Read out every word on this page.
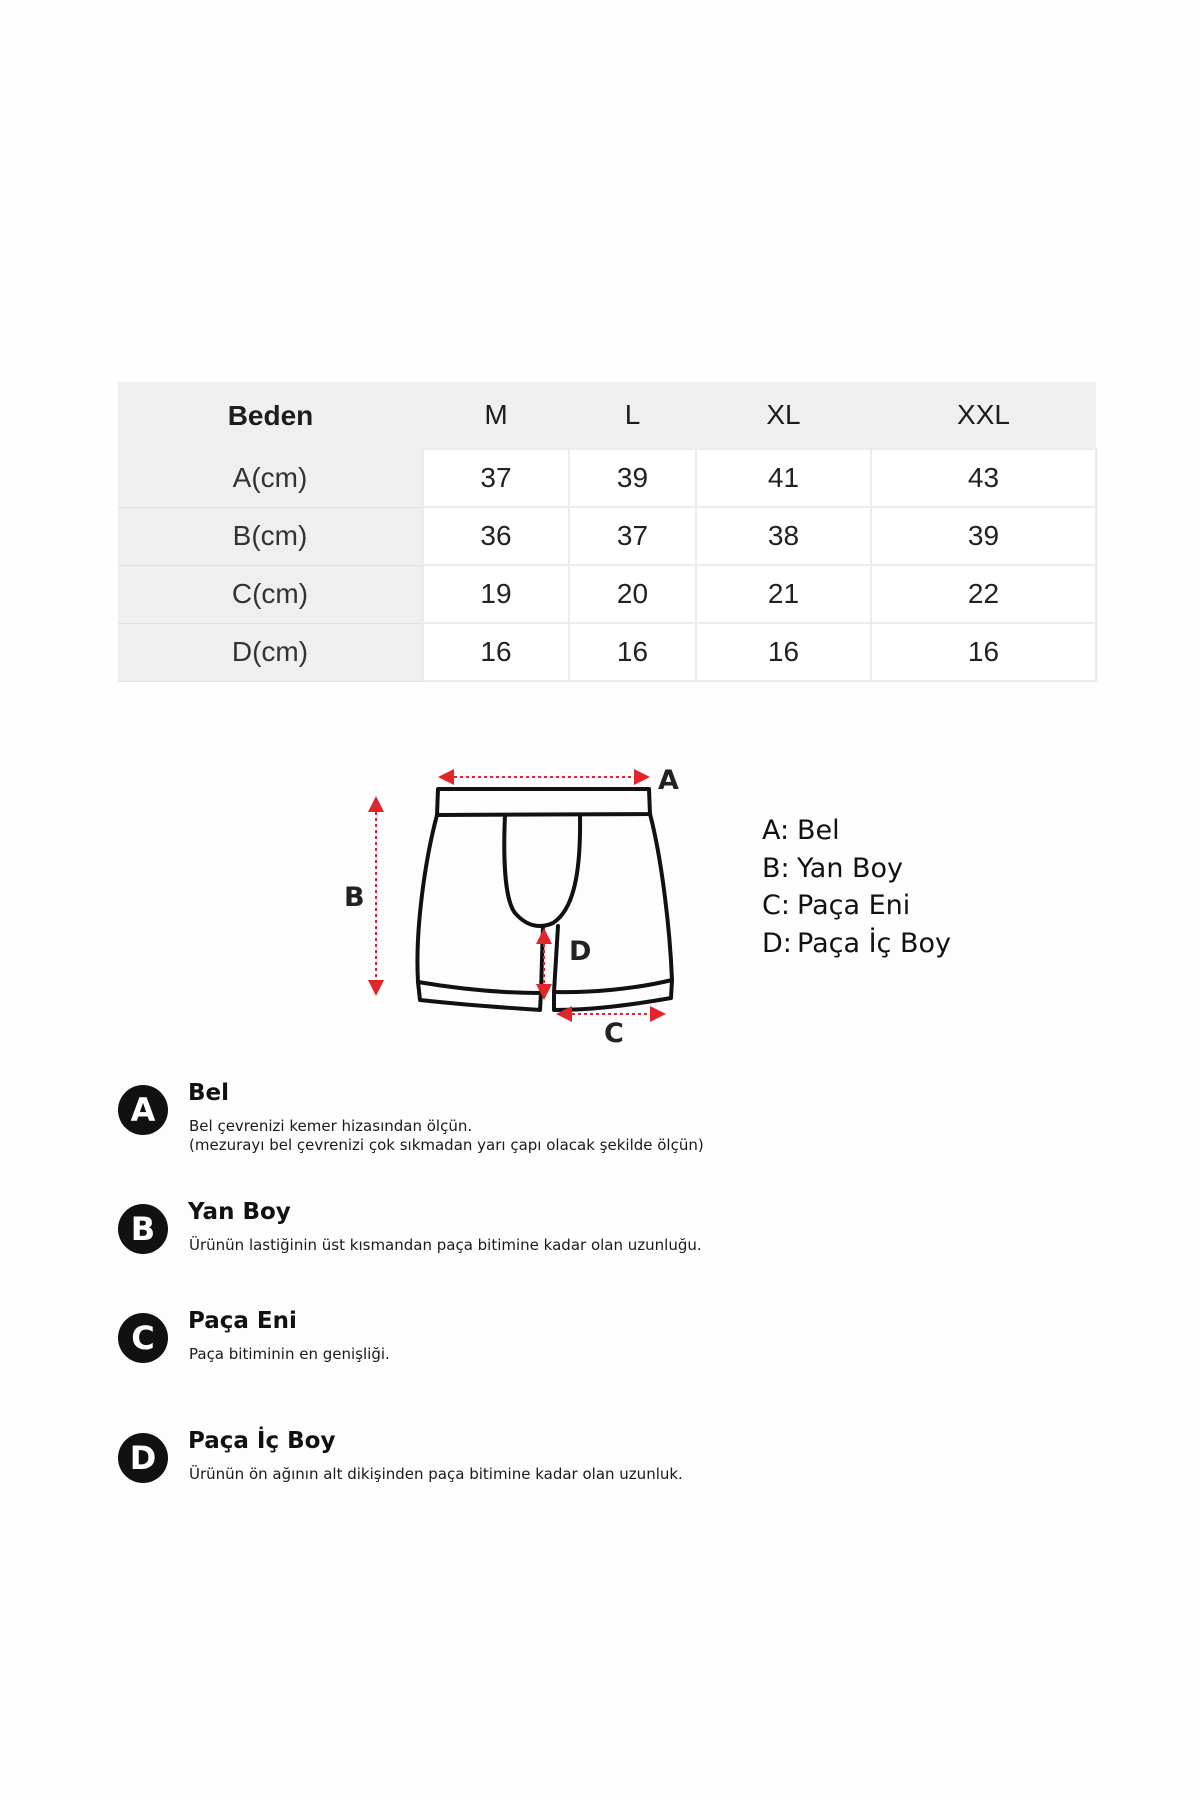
Beden	M	L	XL	XXL
A(cm)	37	39	41	43
B(cm)	36	37	38	39
C(cm)	19	20	21	22
D(cm)	16	16	16	16
A
B
C
D
A: Bel
B: Yan Boy
C: Paça Eni
D: Paça İç Boy
A	Bel
Bel çevrenizi kemer hizasından ölçün.
(mezurayı bel çevrenizi çok sıkmadan yarı çapı olacak şekilde ölçün)
B	Yan Boy
Ürünün lastiğinin üst kısmandan paça bitimine kadar olan uzunluğu.
C	Paça Eni
Paça bitiminin en genişliği.
D	Paça İç Boy
Ürünün ön ağının alt dikişinden paça bitimine kadar olan uzunluk.
